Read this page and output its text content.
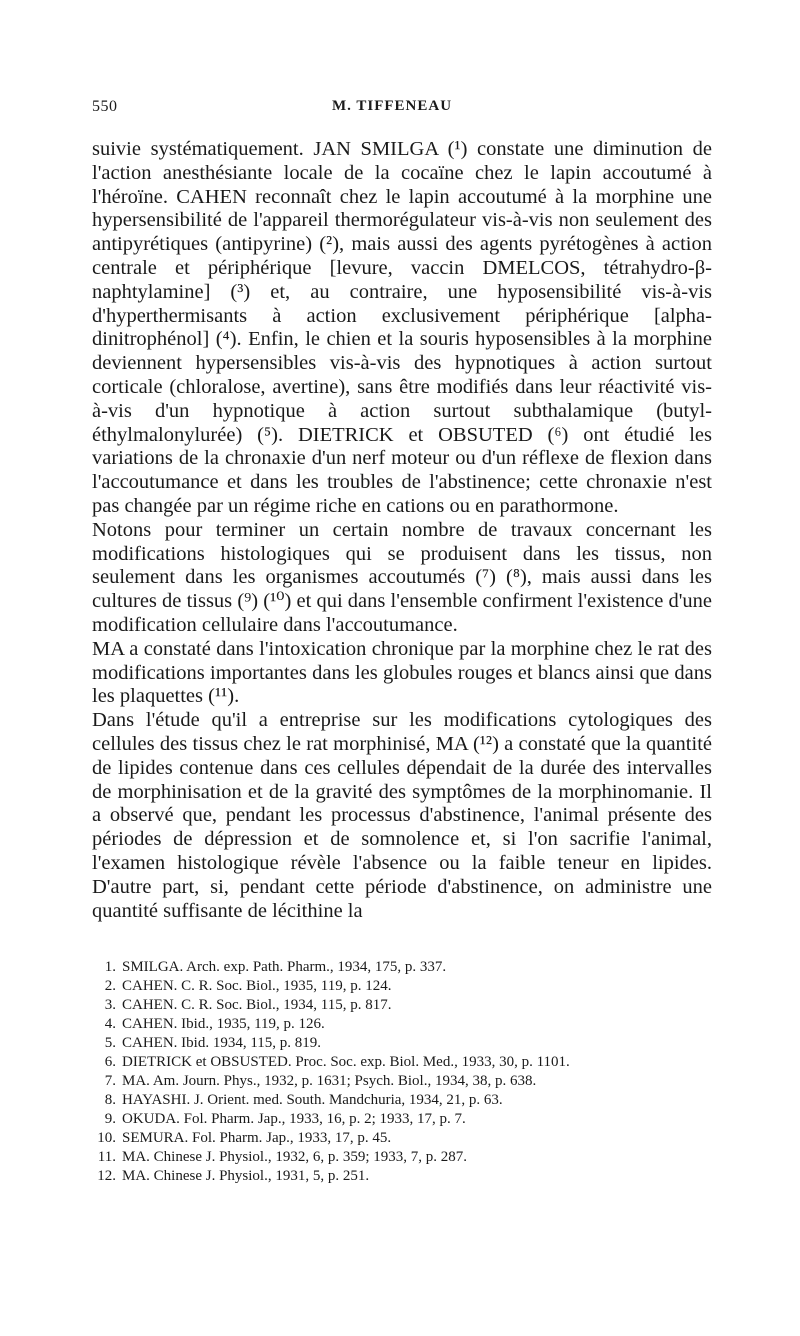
550	M. TIFFENEAU

suivie systématiquement. JAN SMILGA (¹) constate une diminution de l'action anesthésiante locale de la cocaïne chez le lapin accoutumé à l'héroïne. CAHEN reconnaît chez le lapin accoutumé à la morphine une hypersensibilité de l'appareil thermorégulateur vis-à-vis non seulement des antipyrétiques (antipyrine) (²), mais aussi des agents pyrétogènes à action centrale et périphérique [levure, vaccin DMELCOS, tétrahydro-β-naphtylamine] (³) et, au contraire, une hyposensibilité vis-à-vis d'hyperthermisants à action exclusivement périphérique [alpha-dinitrophénol] (⁴). Enfin, le chien et la souris hyposensibles à la morphine deviennent hypersensibles vis-à-vis des hypnotiques à action surtout corticale (chloralose, avertine), sans être modifiés dans leur réactivité vis-à-vis d'un hypnotique à action surtout subthalamique (butyl-éthylmalonylurée) (⁵). DIETRICK et OBSUTED (⁶) ont étudié les variations de la chronaxie d'un nerf moteur ou d'un réflexe de flexion dans l'accoutumance et dans les troubles de l'abstinence; cette chronaxie n'est pas changée par un régime riche en cations ou en parathormone.

Notons pour terminer un certain nombre de travaux concernant les modifications histologiques qui se produisent dans les tissus, non seulement dans les organismes accoutumés (⁷) (⁸), mais aussi dans les cultures de tissus (⁹) (¹⁰) et qui dans l'ensemble confirment l'existence d'une modification cellulaire dans l'accoutumance.

MA a constaté dans l'intoxication chronique par la morphine chez le rat des modifications importantes dans les globules rouges et blancs ainsi que dans les plaquettes (¹¹).

Dans l'étude qu'il a entreprise sur les modifications cytologiques des cellules des tissus chez le rat morphinisé, MA (¹²) a constaté que la quantité de lipides contenue dans ces cellules dépendait de la durée des intervalles de morphinisation et de la gravité des symptômes de la morphinomanie. Il a observé que, pendant les processus d'abstinence, l'animal présente des périodes de dépression et de somnolence et, si l'on sacrifie l'animal, l'examen histologique révèle l'absence ou la faible teneur en lipides. D'autre part, si, pendant cette période d'abstinence, on administre une quantité suffisante de lécithine la

1. SMILGA. Arch. exp. Path. Pharm., 1934, 175, p. 337.
2. CAHEN. C. R. Soc. Biol., 1935, 119, p. 124.
3. CAHEN. C. R. Soc. Biol., 1934, 115, p. 817.
4. CAHEN. Ibid., 1935, 119, p. 126.
5. CAHEN. Ibid. 1934, 115, p. 819.
6. DIETRICK et OBSUSTED. Proc. Soc. exp. Biol. Med., 1933, 30, p. 1101.
7. MA. Am. Journ. Phys., 1932, p. 1631; Psych. Biol., 1934, 38, p. 638.
8. HAYASHI. J. Orient. med. South. Mandchuria, 1934, 21, p. 63.
9. OKUDA. Fol. Pharm. Jap., 1933, 16, p. 2; 1933, 17, p. 7.
10. SEMURA. Fol. Pharm. Jap., 1933, 17, p. 45.
11. MA. Chinese J. Physiol., 1932, 6, p. 359; 1933, 7, p. 287.
12. MA. Chinese J. Physiol., 1931, 5, p. 251.
